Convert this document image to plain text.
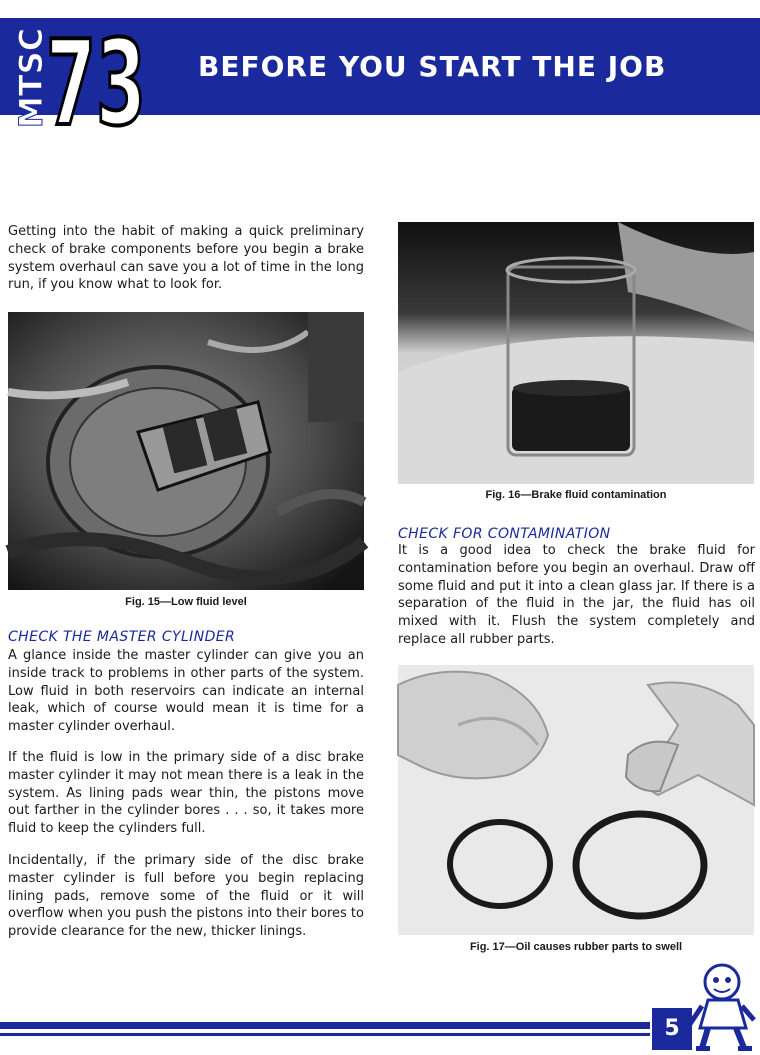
MTSC
73 BEFORE YOU START THE JOB
Getting into the habit of making a quick preliminary check of brake components before you begin a brake system overhaul can save you a lot of time in the long run, if you know what to look for.
Fig. 15—Low fluid level
CHECK THE MASTER CYLINDER
A glance inside the master cylinder can give you an inside track to problems in other parts of the system. Low fluid in both reservoirs can indicate an internal leak, which of course would mean it is time for a master cylinder overhaul.
If the fluid is low in the primary side of a disc brake master cylinder it may not mean there is a leak in the system. As lining pads wear thin, the pistons move out farther in the cylinder bores . . . so, it takes more fluid to keep the cylinders full.
Incidentally, if the primary side of the disc brake master cylinder is full before you begin replacing lining pads, remove some of the fluid or it will overflow when you push the pistons into their bores to provide clearance for the new, thicker linings.
Fig. 16—Brake fluid contamination
CHECK FOR CONTAMINATION
It is a good idea to check the brake fluid for contamination before you begin an overhaul. Draw off some fluid and put it into a clean glass jar. If there is a separation of the fluid in the jar, the fluid has oil mixed with it. Flush the system completely and replace all rubber parts.
Fig. 17—Oil causes rubber parts to swell
5
